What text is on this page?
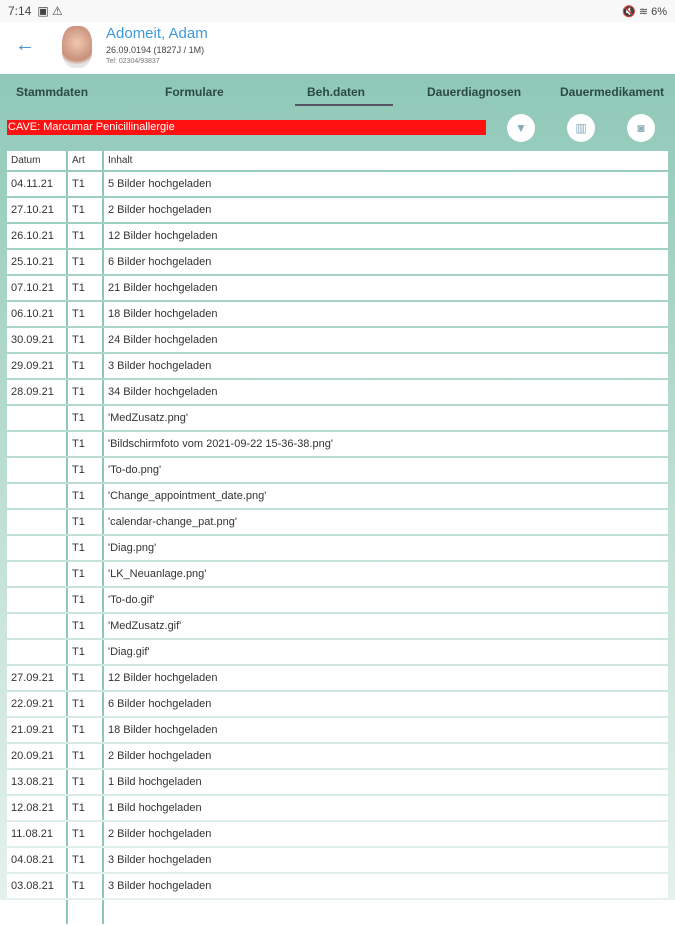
7:14 ▣ ⚠	🔇 ≋ 6%
←
Adomeit, Adam
26.09.0194 (1827J / 1M)
Tel: 02304/93837
Stammdaten	Formulare	Beh.daten	Dauerdiagnosen	Dauermedikament
CAVE: Marcumar Penicillinallergie	▼	▥	◙
Datum	Art	Inhalt
04.11.21	T1	5 Bilder hochgeladen
27.10.21	T1	2 Bilder hochgeladen
26.10.21	T1	12 Bilder hochgeladen
25.10.21	T1	6 Bilder hochgeladen
07.10.21	T1	21 Bilder hochgeladen
06.10.21	T1	18 Bilder hochgeladen
30.09.21	T1	24 Bilder hochgeladen
29.09.21	T1	3 Bilder hochgeladen
28.09.21	T1	34 Bilder hochgeladen
	T1	'MedZusatz.png'
	T1	'Bildschirmfoto vom 2021-09-22 15-36-38.png'
	T1	'To-do.png'
	T1	'Change_appointment_date.png'
	T1	'calendar-change_pat.png'
	T1	'Diag.png'
	T1	'LK_Neuanlage.png'
	T1	'To-do.gif'
	T1	'MedZusatz.gif'
	T1	'Diag.gif'
27.09.21	T1	12 Bilder hochgeladen
22.09.21	T1	6 Bilder hochgeladen
21.09.21	T1	18 Bilder hochgeladen
20.09.21	T1	2 Bilder hochgeladen
13.08.21	T1	1 Bild hochgeladen
12.08.21	T1	1 Bild hochgeladen
11.08.21	T1	2 Bilder hochgeladen
04.08.21	T1	3 Bilder hochgeladen
03.08.21	T1	3 Bilder hochgeladen
